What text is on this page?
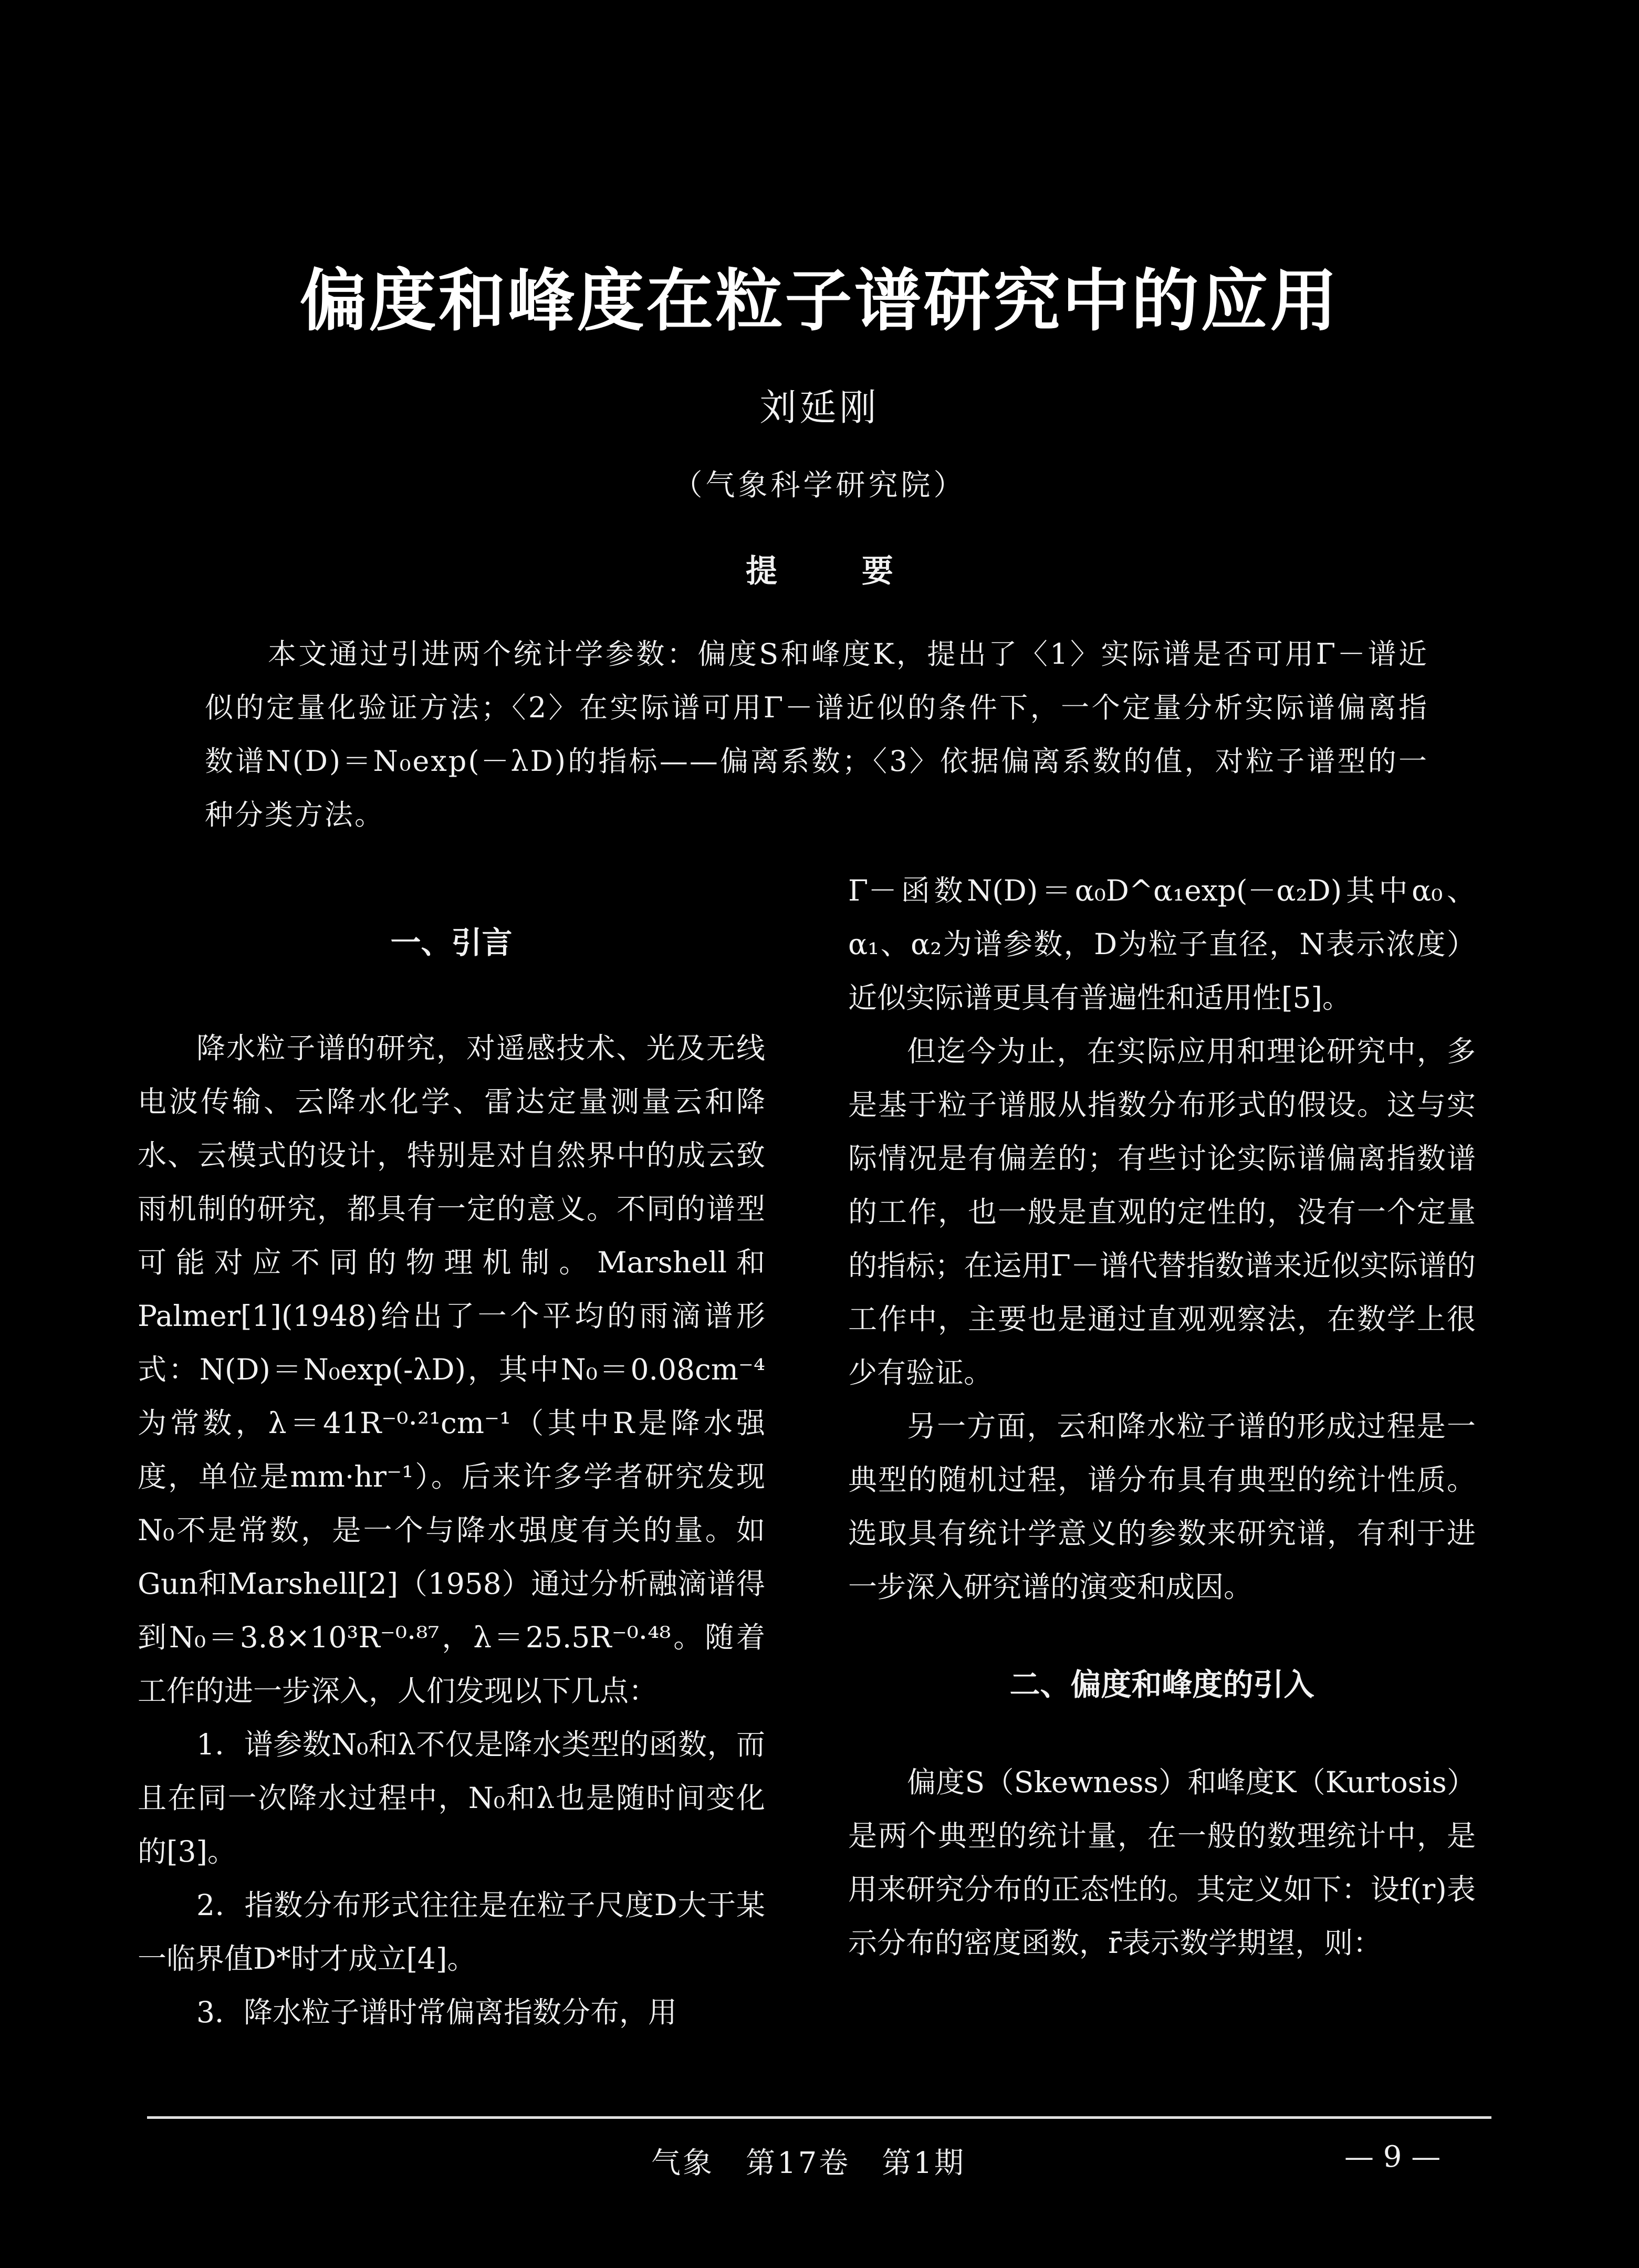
偏度和峰度在粒子谱研究中的应用
刘延刚
（气象科学研究院）
提 要

本文通过引进两个统计学参数：偏度S和峰度K，提出了〈1〉实际谱是否可用Γ－谱近似的定量化验证方法；〈2〉在实际谱可用Γ－谱近似的条件下，一个定量分析实际谱偏离指数谱N(D)＝N₀exp(－λD)的指标——偏离系数；〈3〉依据偏离系数的值，对粒子谱型的一种分类方法。

一、引言

降水粒子谱的研究，对遥感技术、光及无线电波传输、云降水化学、雷达定量测量云和降水、云模式的设计，特别是对自然界中的成云致雨机制的研究，都具有一定的意义。不同的谱型可能对应不同的物理机制。Marshell和Palmer[1](1948)给出了一个平均的雨滴谱形式：N(D)＝N₀exp(-λD)，其中N₀＝0.08cm⁻⁴为常数，λ＝41R⁻⁰·²¹cm⁻¹（其中R是降水强度，单位是mm·hr⁻¹）。后来许多学者研究发现N₀不是常数，是一个与降水强度有关的量。如Gun和Marshell[2]（1958）通过分析融滴谱得到N₀＝3.8×10³R⁻⁰·⁸⁷，λ＝25.5R⁻⁰·⁴⁸。随着工作的进一步深入，人们发现以下几点：

1．谱参数N₀和λ不仅是降水类型的函数，而且在同一次降水过程中，N₀和λ也是随时间变化的[3]。

2．指数分布形式往往是在粒子尺度D大于某一临界值D*时才成立[4]。

3．降水粒子谱时常偏离指数分布，用

Γ－函数N(D)＝α₀D^α₁exp(－α₂D)其中α₀、α₁、α₂为谱参数，D为粒子直径，N表示浓度）近似实际谱更具有普遍性和适用性[5]。

但迄今为止，在实际应用和理论研究中，多是基于粒子谱服从指数分布形式的假设。这与实际情况是有偏差的；有些讨论实际谱偏离指数谱的工作，也一般是直观的定性的，没有一个定量的指标；在运用Γ－谱代替指数谱来近似实际谱的工作中，主要也是通过直观观察法，在数学上很少有验证。

另一方面，云和降水粒子谱的形成过程是一典型的随机过程，谱分布具有典型的统计性质。选取具有统计学意义的参数来研究谱，有利于进一步深入研究谱的演变和成因。

二、偏度和峰度的引入

偏度S（Skewness）和峰度K（Kurtosis）是两个典型的统计量，在一般的数理统计中，是用来研究分布的正态性的。其定义如下：设f(r)表示分布的密度函数，r̄表示数学期望，则：

气象　第17卷　第1期	— 9 —
